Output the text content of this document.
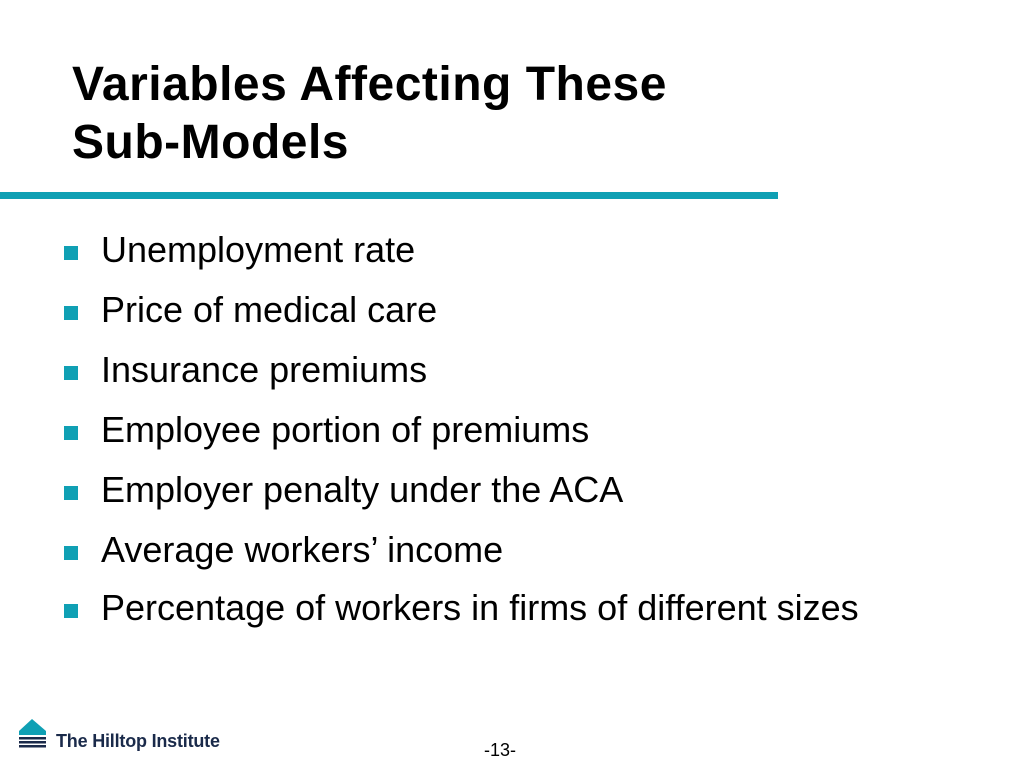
Variables Affecting These
Sub-Models
Unemployment rate
Price of medical care
Insurance premiums
Employee portion of premiums
Employer penalty under the ACA
Average workers’ income
Percentage of workers in firms of different sizes
The Hilltop Institute	-13-
